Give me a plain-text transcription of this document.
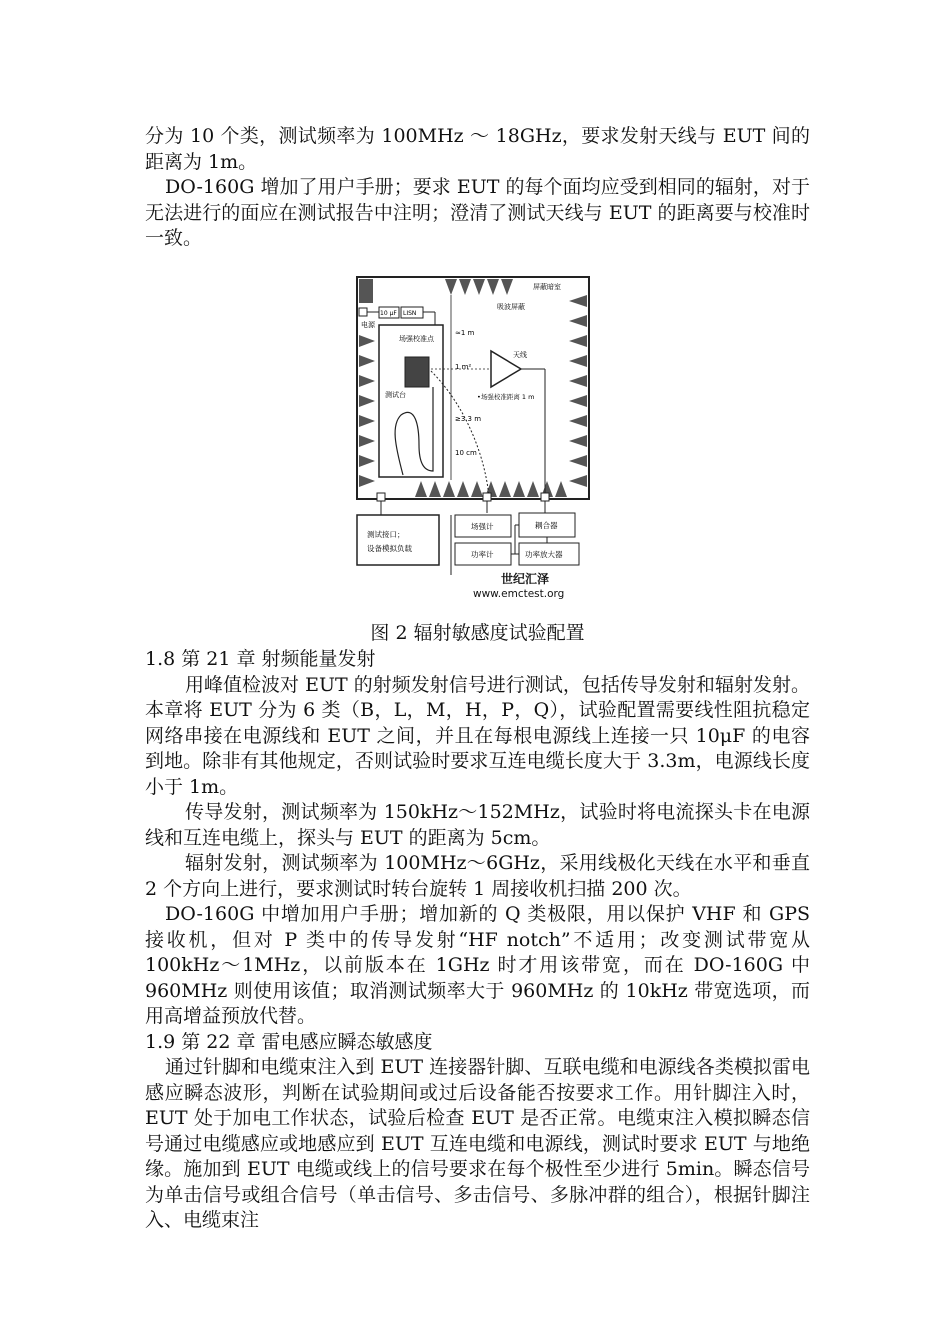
分为 10 个类，测试频率为 100MHz ～ 18GHz，要求发射天线与 EUT 间的距离为 1m。

DO-160G 增加了用户手册；要求 EUT 的每个面均应受到相同的辐射，对于无法进行的面应在测试报告中注明；澄清了测试天线与 EUT 的距离要与校准时一致。

屏蔽暗室
吸波屏蔽
电源
10 μF LISN
场强校准点
测试台
≈1 m
1 m²
≥3.3 m
10 cm
天线
•场强校准距离 1 m
测试接口；
设备模拟负载
场强计	耦合器
功率计	功率放大器
世纪汇泽
www.emctest.org
图 2 辐射敏感度试验配置

1.8 第 21 章 射频能量发射

用峰值检波对 EUT 的射频发射信号进行测试，包括传导发射和辐射发射。本章将 EUT 分为 6 类（B，L，M，H，P，Q），试验配置需要线性阻抗稳定网络串接在电源线和 EUT 之间，并且在每根电源线上连接一只 10μF 的电容到地。除非有其他规定，否则试验时要求互连电缆长度大于 3.3m，电源线长度小于 1m。

传导发射，测试频率为 150kHz～152MHz，试验时将电流探头卡在电源线和互连电缆上，探头与 EUT 的距离为 5cm。

辐射发射，测试频率为 100MHz～6GHz，采用线极化天线在水平和垂直 2 个方向上进行，要求测试时转台旋转 1 周接收机扫描 200 次。

DO-160G 中增加用户手册；增加新的 Q 类极限，用以保护 VHF 和 GPS 接收机，但对 P 类中的传导发射“HF notch”不适用；改变测试带宽从 100kHz～1MHz，以前版本在 1GHz 时才用该带宽，而在 DO-160G 中 960MHz 则使用该值；取消测试频率大于 960MHz 的 10kHz 带宽选项，而用高增益预放代替。

1.9 第 22 章 雷电感应瞬态敏感度

通过针脚和电缆束注入到 EUT 连接器针脚、互联电缆和电源线各类模拟雷电感应瞬态波形，判断在试验期间或过后设备能否按要求工作。用针脚注入时，EUT 处于加电工作状态，试验后检查 EUT 是否正常。电缆束注入模拟瞬态信号通过电缆感应或地感应到 EUT 互连电缆和电源线，测试时要求 EUT 与地绝缘。施加到 EUT 电缆或线上的信号要求在每个极性至少进行 5min。瞬态信号为单击信号或组合信号（单击信号、多击信号、多脉冲群的组合），根据针脚注入、电缆束注
